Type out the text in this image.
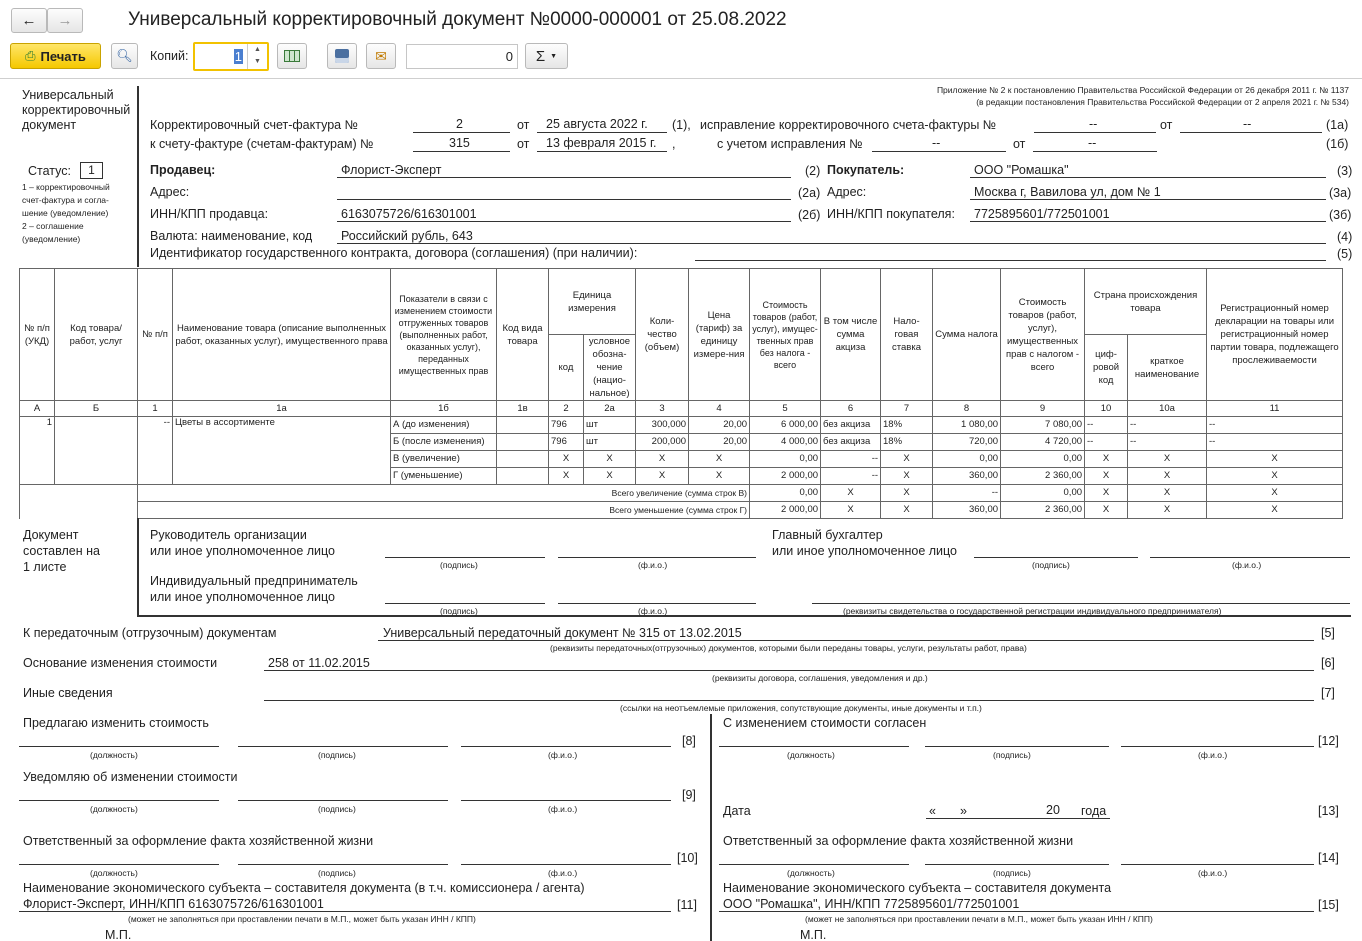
← →	Универсальный корректировочный документ №0000-000001 от 25.08.2022
⎙ Печать 🔍︎ Копий:	1	▲
▼	✉	0 Σ ▼
Универсальный
корректировочный
документ
Статус:	1
1 – корректировочный
счет-фактура и согла-
шение (уведомление)
2 – соглашение
(уведомление)
Приложение № 2 к постановлению Правительства Российской Федерации от 26 декабря 2011 г. № 1137
(в редакции постановления Правительства Российской Федерации от 2 апреля 2021 г. № 534)
Корректировочный счет-фактура №	2	от 25 августа 2022 г. (1), исправление корректировочного счета-фактуры №	--	от	--	(1а)
к счету-фактуре (счетам-фактурам) №	315	от 13 февраля 2015 г. ,	с учетом исправления №	--	от	--	(1б)
Продавец:	Флорист-Эксперт	(2)
Адрес:	(2а)
ИНН/КПП продавца:	6163075726/616301001	(2б)
Покупатель:	ООО "Ромашка"	(3)
Адрес:	Москва г, Вавилова ул, дом № 1	(3а)
ИНН/КПП покупателя: 7725895601/772501001	(3б)
Валюта: наименование, код Российский рубль, 643	(4)
Идентификатор государственного контракта, договора (соглашения) (при наличии):	(5)
№ п/п (УКД)	Код товара/ работ, услуг	№ п/п	Наименование товара (описание выполненных работ, оказанных услуг), имущественного права	Показатели в связи с изменением стоимости отгруженных товаров (выполненных работ, оказанных услуг), переданных имущественных прав	Код вида товара	Единица измерения		Коли-чество (объем)	Цена (тариф) за единицу измере-ния	Стоимость товаров (работ, услуг), имущес-твенных прав без налога - всего	В том числе сумма акциза	Нало-говая ставка	Сумма налога	Стоимость товаров (работ, услуг), имущественных прав с налогом - всего	Страна происхождения товара		Регистрационный номер декларации на товары или регистрационный номер партии товара, подлежащего прослеживаемости
						код	условное обозна-чение (нацио-нальное)								циф-ровой код	краткое наименование	
А	Б	1	1а	1б	1в	2	2а	3	4	5	6	7	8	9	10	10а	11
1		--	Цветы в ассортименте	А (до изменения)		796	шт	300,000	20,00	6 000,00	без акциза	18%	1 080,00	7 080,00	--	--	--
				Б (после изменения)		796	шт	200,000	20,00	4 000,00	без акциза	18%	720,00	4 720,00	--	--	--
				В (увеличение)		X	X	X	X	0,00	--	X	0,00	0,00	X	X	X
				Г (уменьшение)		X	X	X	X	2 000,00	--	X	360,00	2 360,00	X	X	X
		Всего увеличение (сумма строк В)								0,00	X	X	--	0,00	X	X	X
		Всего уменьшение (сумма строк Г)								2 000,00	X	X	360,00	2 360,00	X	X	X
Документ
составлен на
1 листе
Руководитель организации
или иное уполномоченное лицо
(подпись)	(ф.и.о.)
Главный бухгалтер
или иное уполномоченное лицо
(подпись)	(ф.и.о.)
Индивидуальный предприниматель
или иное уполномоченное лицо
(подпись)	(ф.и.о.)	(реквизиты свидетельства о государственной регистрации индивидуального предпринимателя)
К передаточным (отгрузочным) документам	Универсальный передаточный документ № 315 от 13.02.2015	[5]
(реквизиты передаточных(отгрузочных) документов, которыми были переданы товары, услуги, результаты работ, права)
Основание изменения стоимости	258 от 11.02.2015	[6]
(реквизиты договора, соглашения, уведомления и др.)
Иные сведения	[7]
(ссылки на неотъемлемые приложения, сопутствующие документы, иные документы и т.п.)
Предлагаю изменить стоимость
(должность)	(подпись)	(ф.и.о.)
[8]
С изменением стоимости согласен
(должность)	(подпись)	(ф.и.о.)
[12]
Уведомляю об изменении стоимости
(должность)	(подпись)	(ф.и.о.)
[9]
Дата	« »	20 года	[13]
Ответственный за оформление факта хозяйственной жизни
(должность)	(подпись)	(ф.и.о.)
[10]
Ответственный за оформление факта хозяйственной жизни
(должность)	(подпись)	(ф.и.о.)
[14]
Наименование экономического субъекта – составителя документа (в т.ч. комиссионера / агента)
Флорист-Эксперт, ИНН/КПП 6163075726/616301001	[11]
(может не заполняться при проставлении печати в М.П., может быть указан ИНН / КПП)
М.П.
Наименование экономического субъекта – составителя документа
ООО "Ромашка", ИНН/КПП 7725895601/772501001	[15]
(может не заполняться при проставлении печати в М.П., может быть указан ИНН / КПП)
М.П.
